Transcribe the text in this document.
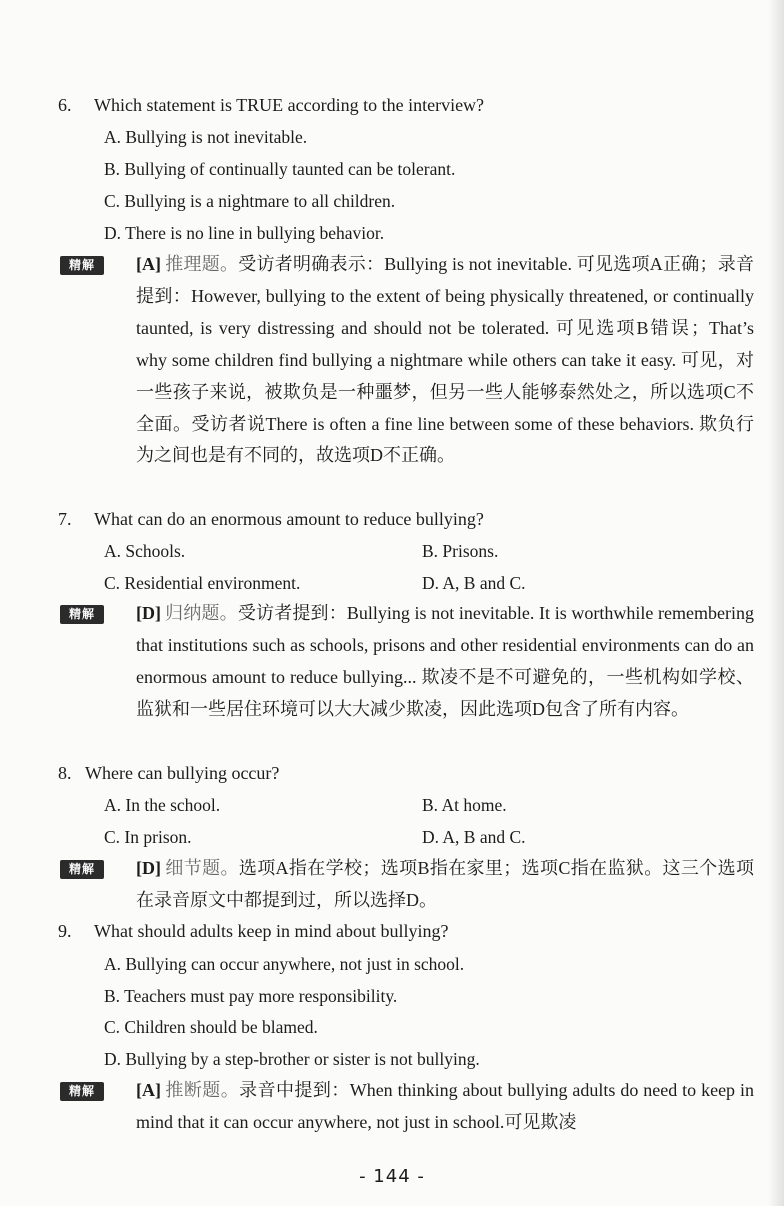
6. Which statement is TRUE according to the interview?
A. Bullying is not inevitable.
B. Bullying of continually taunted can be tolerant.
C. Bullying is a nightmare to all children.
D. There is no line in bullying behavior.
精解	[A] 推理题。受访者明确表示：Bullying is not inevitable. 可见选项A正确；录音提到：However, bullying to the extent of being physically threatened, or continually taunted, is very distressing and should not be tolerated. 可见选项B错误；That’s why some children find bullying a nightmare while others can take it easy. 可见，对一些孩子来说，被欺负是一种噩梦，但另一些人能够泰然处之，所以选项C不全面。受访者说There is often a fine line between some of these behaviors. 欺负行为之间也是有不同的，故选项D不正确。
7. What can do an enormous amount to reduce bullying?
A. Schools.	B. Prisons.
C. Residential environment.	D. A, B and C.
精解	[D] 归纳题。受访者提到：Bullying is not inevitable. It is worthwhile remembering that institutions such as schools, prisons and other residential environments can do an enormous amount to reduce bullying... 欺凌不是不可避免的，一些机构如学校、监狱和一些居住环境可以大大减少欺凌，因此选项D包含了所有内容。
8. Where can bullying occur?
A. In the school.	B. At home.
C. In prison.	D. A, B and C.
精解	[D] 细节题。选项A指在学校；选项B指在家里；选项C指在监狱。这三个选项在录音原文中都提到过，所以选择D。
9. What should adults keep in mind about bullying?
A. Bullying can occur anywhere, not just in school.
B. Teachers must pay more responsibility.
C. Children should be blamed.
D. Bullying by a step-brother or sister is not bullying.
精解	[A] 推断题。录音中提到：When thinking about bullying adults do need to keep in mind that it can occur anywhere, not just in school.可见欺凌
- 144 -
